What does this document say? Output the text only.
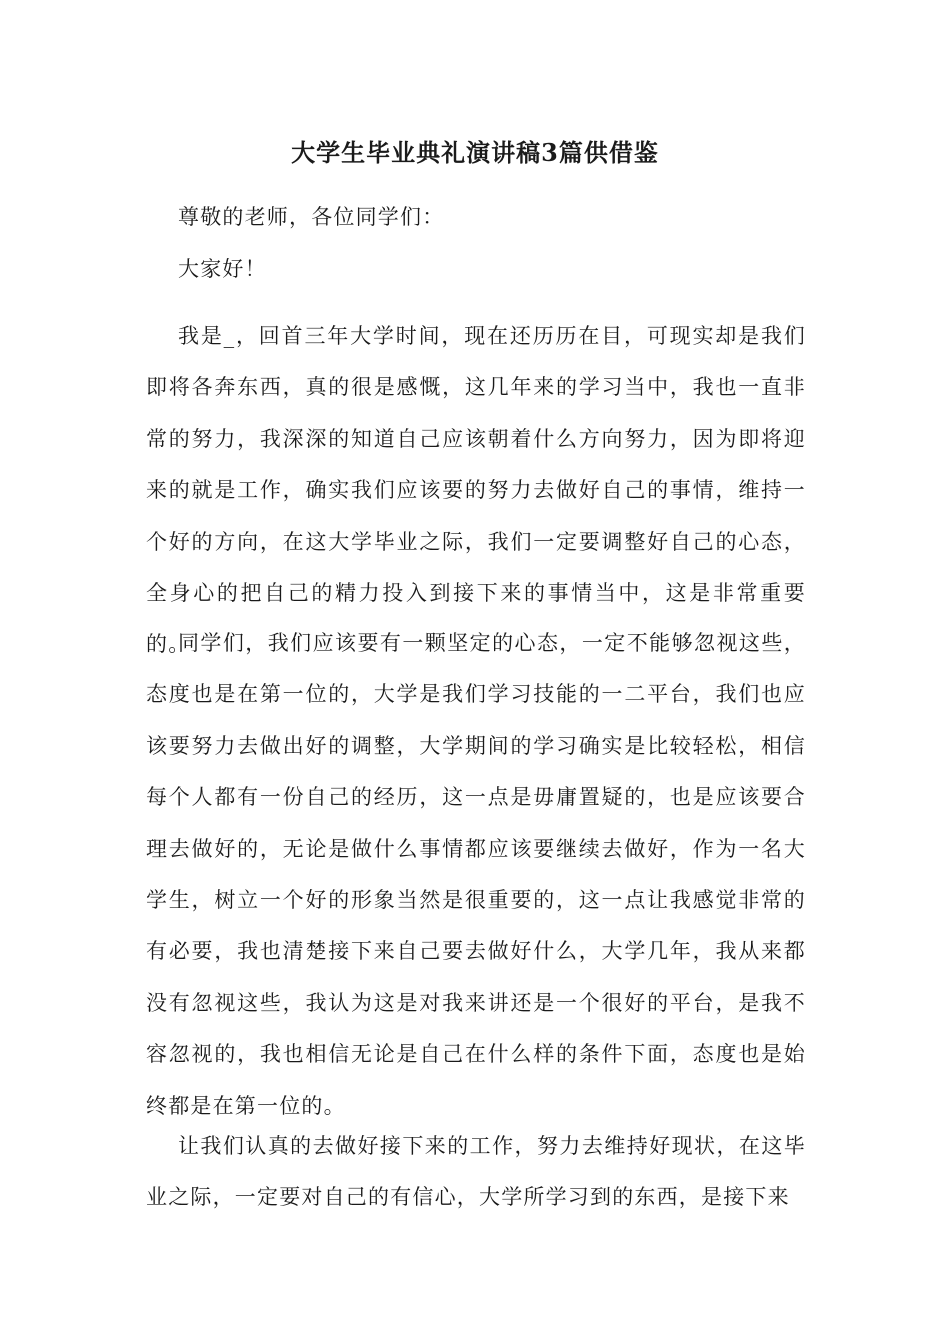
大学生毕业典礼演讲稿3篇供借鉴

尊敬的老师，各位同学们：

大家好！

我是_，回首三年大学时间，现在还历历在目，可现实却是我们即将各奔东西，真的很是感慨，这几年来的学习当中，我也一直非常的努力，我深深的知道自己应该朝着什么方向努力，因为即将迎来的就是工作，确实我们应该要的努力去做好自己的事情，维持一个好的方向，在这大学毕业之际，我们一定要调整好自己的心态，全身心的把自己的精力投入到接下来的事情当中，这是非常重要的。

同学们，我们应该要有一颗坚定的心态，一定不能够忽视这些，态度也是在第一位的，大学是我们学习技能的一二平台，我们也应该要努力去做出好的调整，大学期间的学习确实是比较轻松，相信每个人都有一份自己的经历，这一点是毋庸置疑的，也是应该要合理去做好的，无论是做什么事情都应该要继续去做好，作为一名大学生，树立一个好的形象当然是很重要的，这一点让我感觉非常的有必要，我也清楚接下来自己要去做好什么，大学几年，我从来都没有忽视这些，我认为这是对我来讲还是一个很好的平台，是我不容忽视的，我也相信无论是自己在什么样的条件下面，态度也是始终都是在第一位的。

让我们认真的去做好接下来的工作，努力去维持好现状，在这毕业之际，一定要对自己的有信心，大学所学习到的东西，是接下来
